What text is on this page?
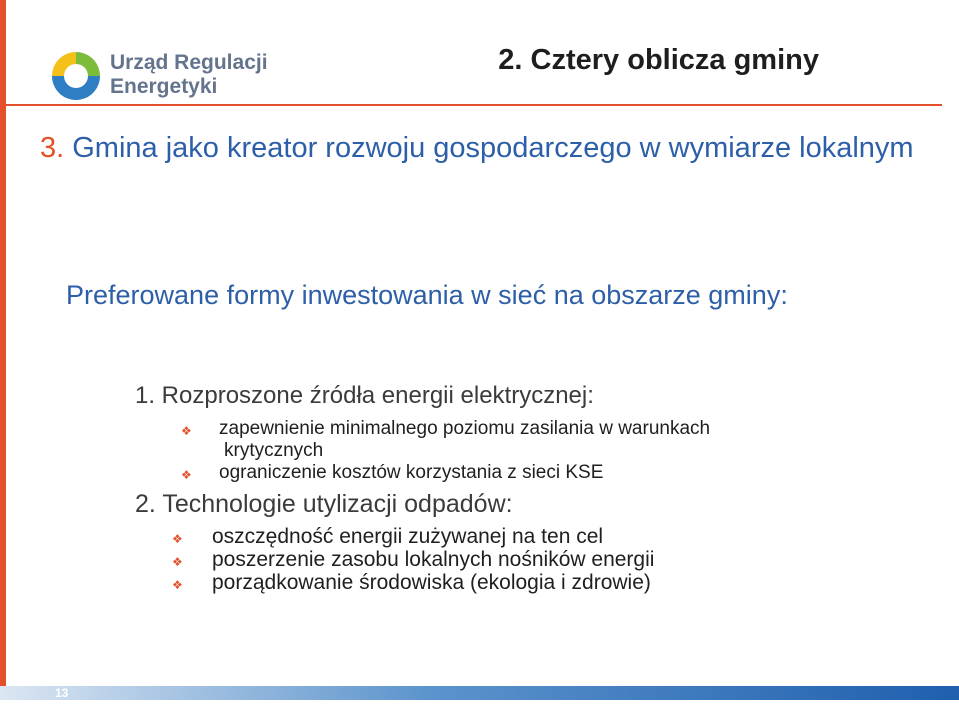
Urząd Regulacji
Energetyki
2. Cztery oblicza gminy
3. Gmina jako kreator rozwoju gospodarczego w wymiarze lokalnym
Preferowane formy inwestowania w sieć na obszarze gminy:
1. Rozproszone źródła energii elektrycznej:
❖ zapewnienie minimalnego poziomu zasilania w warunkach
krytycznych
❖ ograniczenie kosztów korzystania z sieci KSE
2. Technologie utylizacji odpadów:
❖ oszczędność energii zużywanej na ten cel
❖ poszerzenie zasobu lokalnych nośników energii
❖ porządkowanie środowiska (ekologia i zdrowie)
13
